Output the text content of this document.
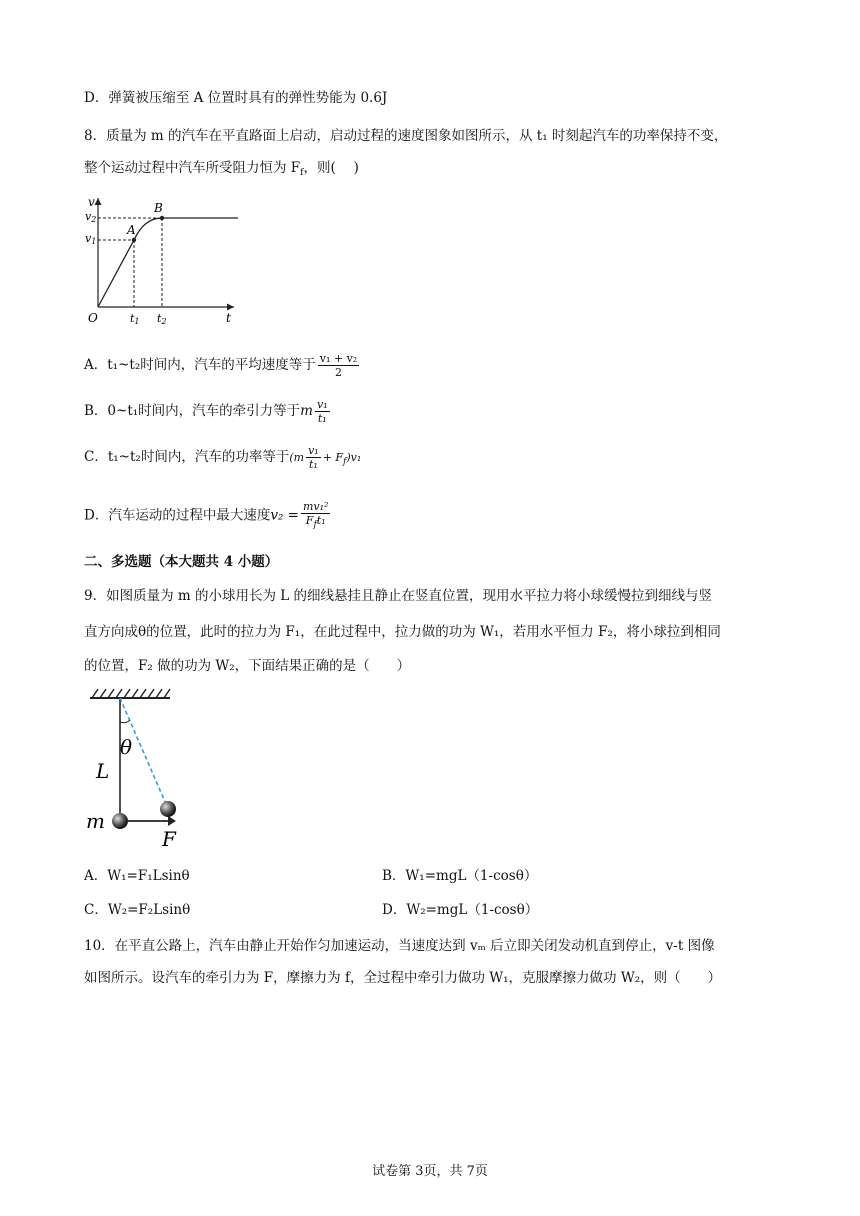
D．弹簧被压缩至 A 位置时具有的弹性势能为 0.6J
8．质量为 m 的汽车在平直路面上启动，启动过程的速度图象如图所示，从 t₁ 时刻起汽车的功率保持不变，
整个运动过程中汽车所受阻力恒为 $F_f$，则(　 )
v
v2
v1
A
B
O	t1 t2	t
A．t₁~t₂时间内，汽车的平均速度等于 $\frac{\text{v₁ + v₂}}{2}$
B．0~t₁时间内，汽车的牵引力等于m $\frac{\text{v₁}}{\text{t₁}}$
C．t₁~t₂时间内，汽车的功率等于$(m \frac{\text{v₁}}{\text{t₁}} + F_f)v_1$
D．汽车运动的过程中最大速度$v_2 = \frac{\text{mv₁²}}{F_ft_1}$
二、多选题（本大题共 4 小题）
9．如图质量为 m 的小球用长为 L 的细线悬挂且静止在竖直位置，现用水平拉力将小球缓慢拉到细线与竖
直方向成θ的位置，此时的拉力为 F₁，在此过程中，拉力做的功为 W₁，若用水平恒力 F₂，将小球拉到相同
的位置，F₂ 做的功为 W₂，下面结果正确的是（　　）
θ
L
m
F
A．W₁=F₁Lsinθ	B．W₁=mgL（1-cosθ）
C．W₂=F₂Lsinθ	D．W₂=mgL（1-cosθ）
10．在平直公路上，汽车由静止开始作匀加速运动，当速度达到 vₘ 后立即关闭发动机直到停止，v-t 图像
如图所示。设汽车的牵引力为 F，摩擦力为 f，全过程中牵引力做功 W₁，克服摩擦力做功 W₂，则（　　）
试卷第 3页，共 7页
